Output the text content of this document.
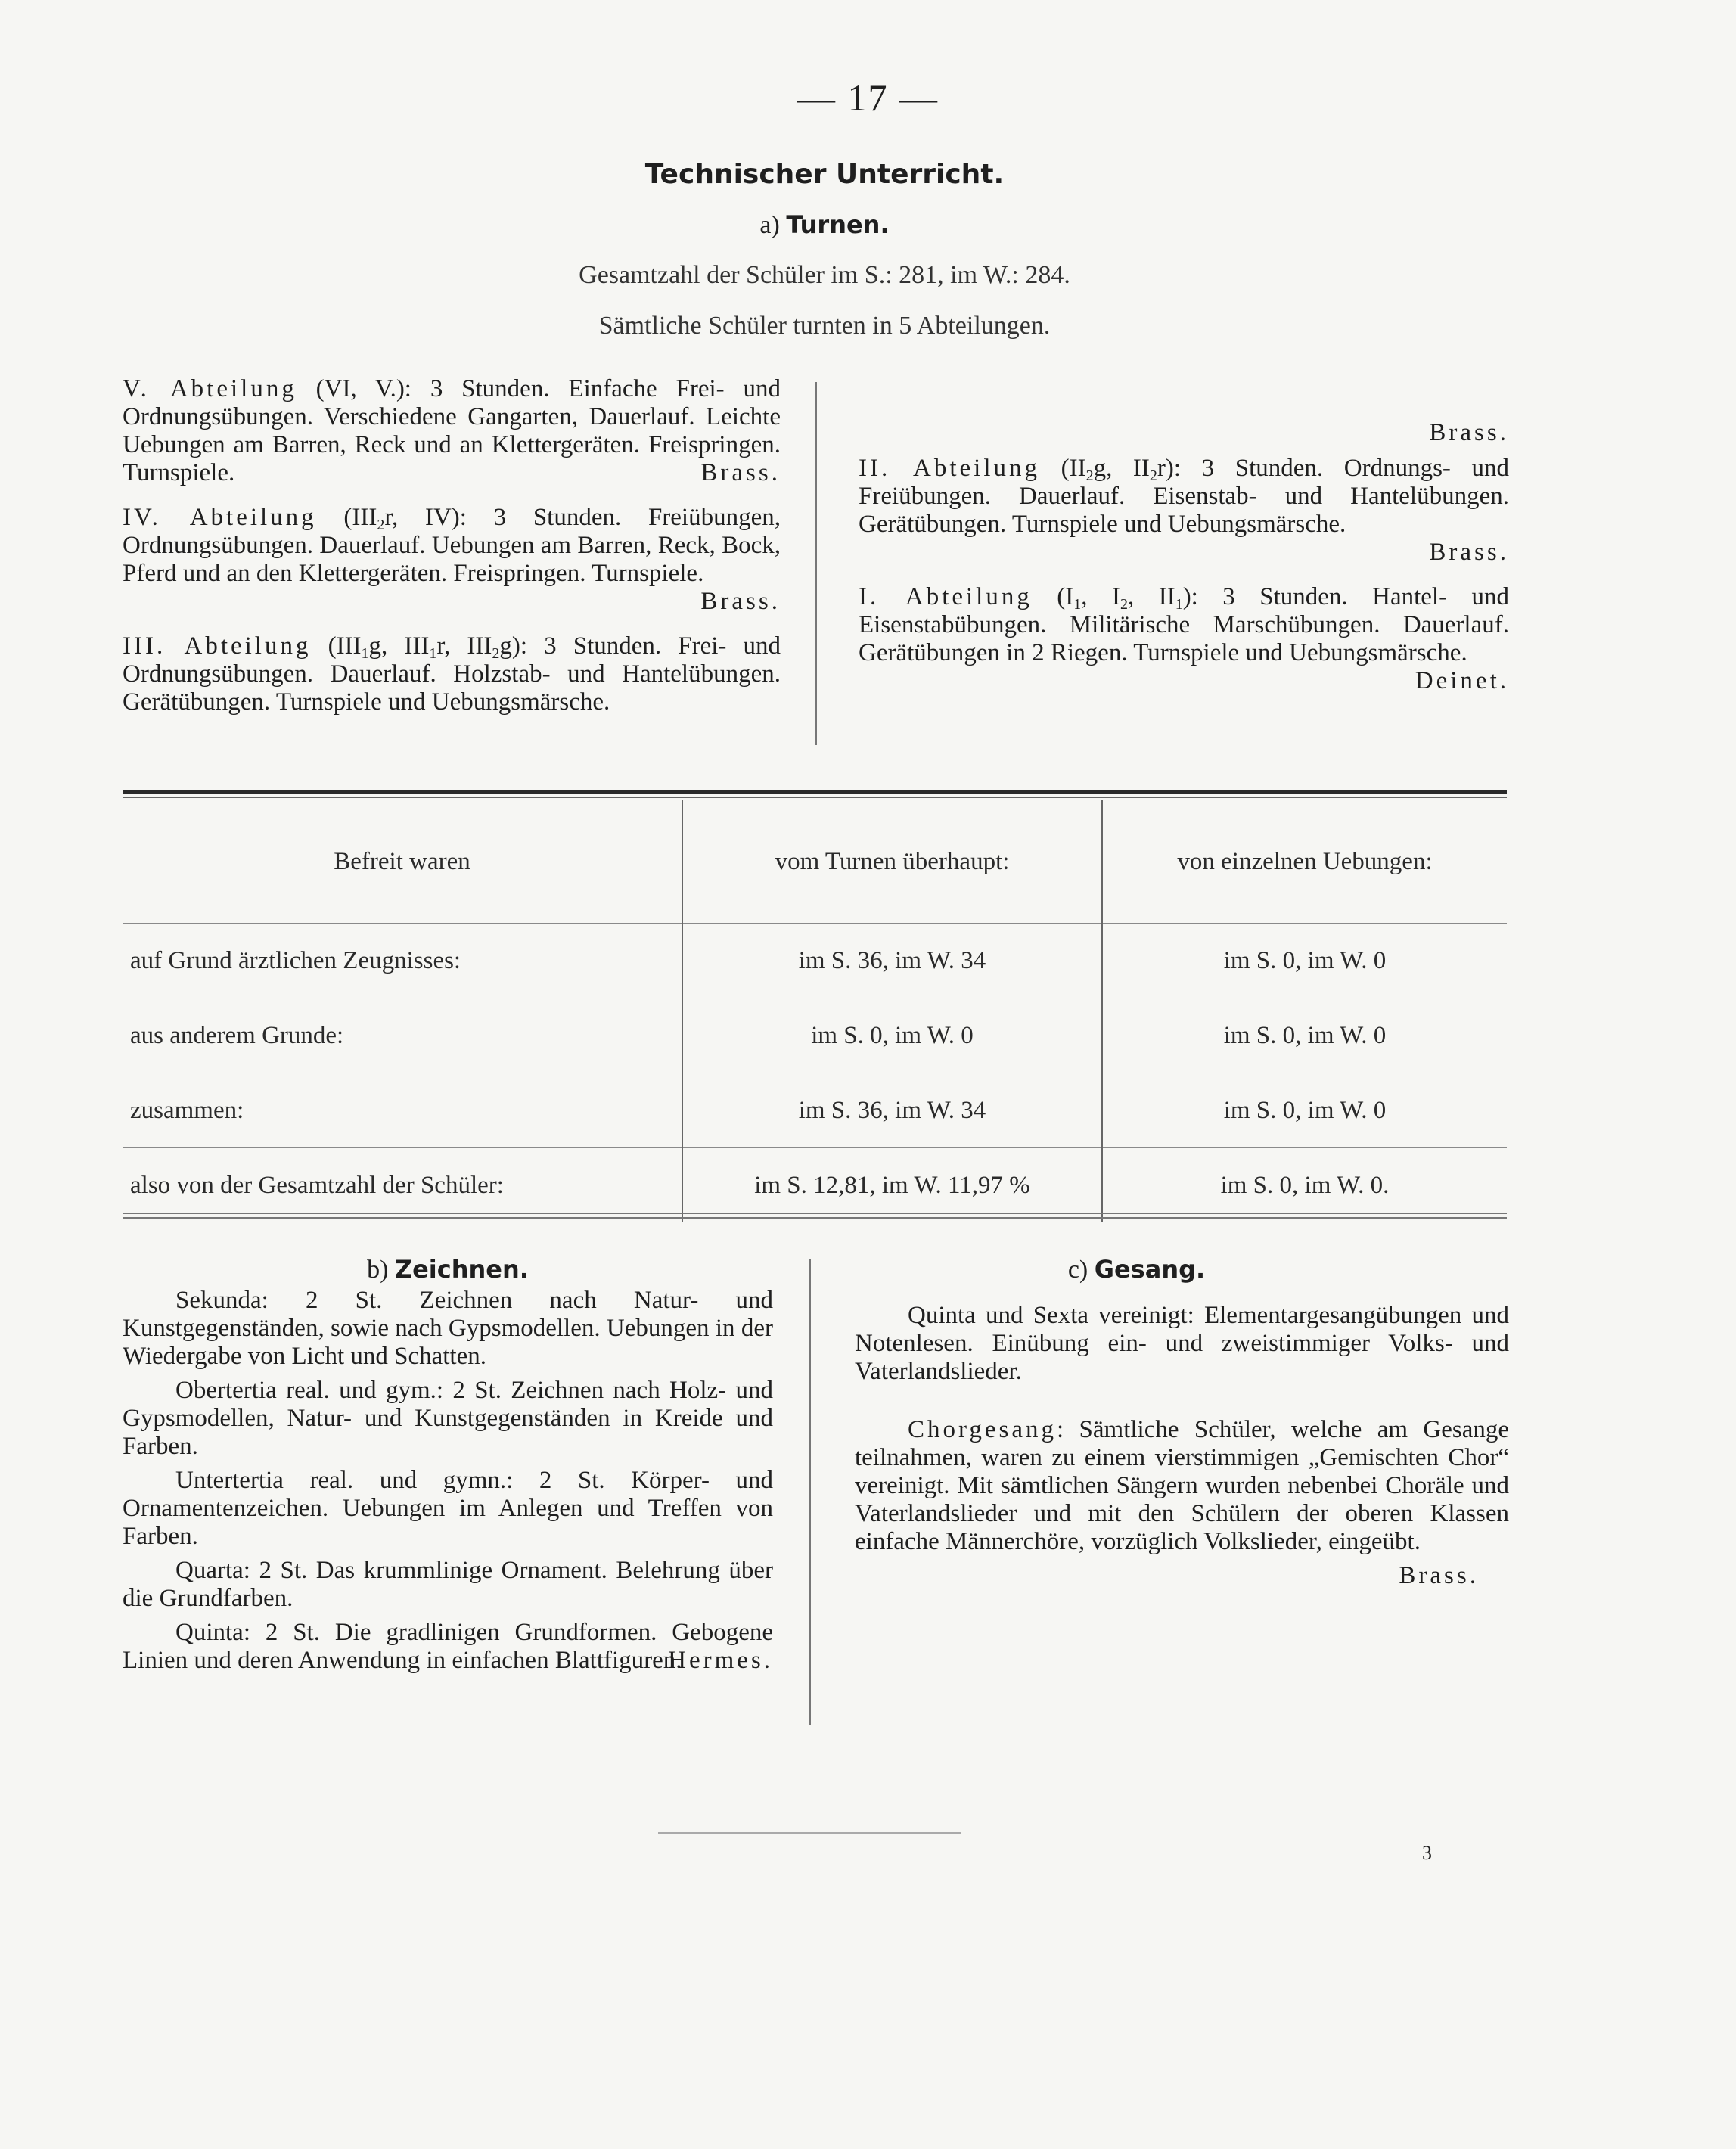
— 17 —
Technischer Unterricht.
a) Turnen.
Gesamtzahl der Schüler im S.: 281, im W.: 284.
Sämtliche Schüler turnten in 5 Abteilungen.

V. Abteilung (VI, V.): 3 Stunden. Einfache Frei- und Ordnungsübungen. Verschiedene Gangarten, Dauerlauf. Leichte Uebungen am Barren, Reck und an Klettergeräten. Freispringen. Turnspiele.	Brass.

IV. Abteilung ($III_2r$, IV): 3 Stunden. Freiübungen, Ordnungsübungen. Dauerlauf. Uebungen am Barren, Reck, Bock, Pferd und an den Klettergeräten. Freispringen. Turnspiele.
Brass.

III. Abteilung ($III_1g$, $III_1r$, $III_2g$): 3 Stunden. Frei- und Ordnungsübungen. Dauerlauf. Holzstab- und Hantelübungen. Gerätübungen. Turnspiele und Uebungsmärsche.

Brass.

II. Abteilung ($II_2g$, $II_2r$): 3 Stunden. Ordnungs- und Freiübungen. Dauerlauf. Eisenstab- und Hantelübungen. Gerätübungen. Turnspiele und Uebungsmärsche.
Brass.

I. Abteilung ($I_1$, $I_2$, $II_1$): 3 Stunden. Hantel- und Eisenstabübungen. Militärische Marschübungen. Dauerlauf. Gerätübungen in 2 Riegen. Turnspiele und Uebungsmärsche.
Deinet.

Befreit waren	vom Turnen überhaupt:	von einzelnen Uebungen:
auf Grund ärztlichen Zeugnisses:	im S. 36, im W. 34	im S. 0, im W. 0
aus anderem Grunde:	im S. 0, im W. 0	im S. 0, im W. 0
zusammen:	im S. 36, im W. 34	im S. 0, im W. 0
also von der Gesamtzahl der Schüler:	im S. 12,81, im W. 11,97 %	im S. 0, im W. 0.
b) Zeichnen.

Sekunda: 2 St. Zeichnen nach Natur- und Kunstgegenständen, sowie nach Gypsmodellen. Uebungen in der Wiedergabe von Licht und Schatten.

Obertertia real. und gym.: 2 St. Zeichnen nach Holz- und Gypsmodellen, Natur- und Kunstgegenständen in Kreide und Farben.

Untertertia real. und gymn.: 2 St. Körper- und Ornamentenzeichen. Uebungen im Anlegen und Treffen von Farben.

Quarta: 2 St. Das krummlinige Ornament. Belehrung über die Grundfarben.

Quinta: 2 St. Die gradlinigen Grundformen. Gebogene Linien und deren Anwendung in einfachen Blattfiguren.

Hermes.
c) Gesang.

Quinta und Sexta vereinigt: Elementargesangübungen und Notenlesen. Einübung ein- und zweistimmiger Volks- und Vaterlandslieder.

Chorgesang: Sämtliche Schüler, welche am Gesange teilnahmen, waren zu einem vierstimmigen „Gemischten Chor“ vereinigt. Mit sämtlichen Sängern wurden nebenbei Choräle und Vaterlandslieder und mit den Schülern der oberen Klassen einfache Männerchöre, vorzüglich Volkslieder, eingeübt.

Brass.
3
